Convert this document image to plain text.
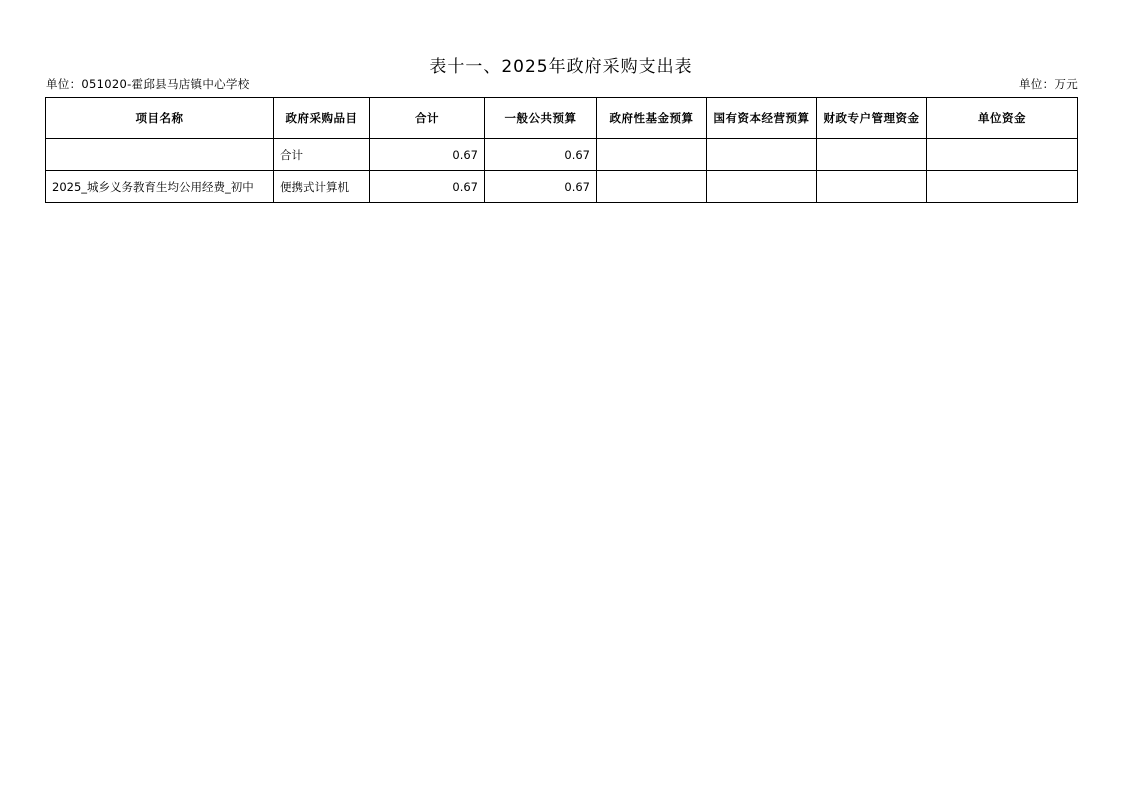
表十一、2025年政府采购支出表
单位：051020-霍邱县马店镇中心学校	单位：万元
项目名称	政府采购品目	合计	一般公共预算	政府性基金预算	国有资本经营预算	财政专户管理资金	单位资金
	合计	0.67	0.67				
2025_城乡义务教育生均公用经费_初中	便携式计算机	0.67	0.67				
